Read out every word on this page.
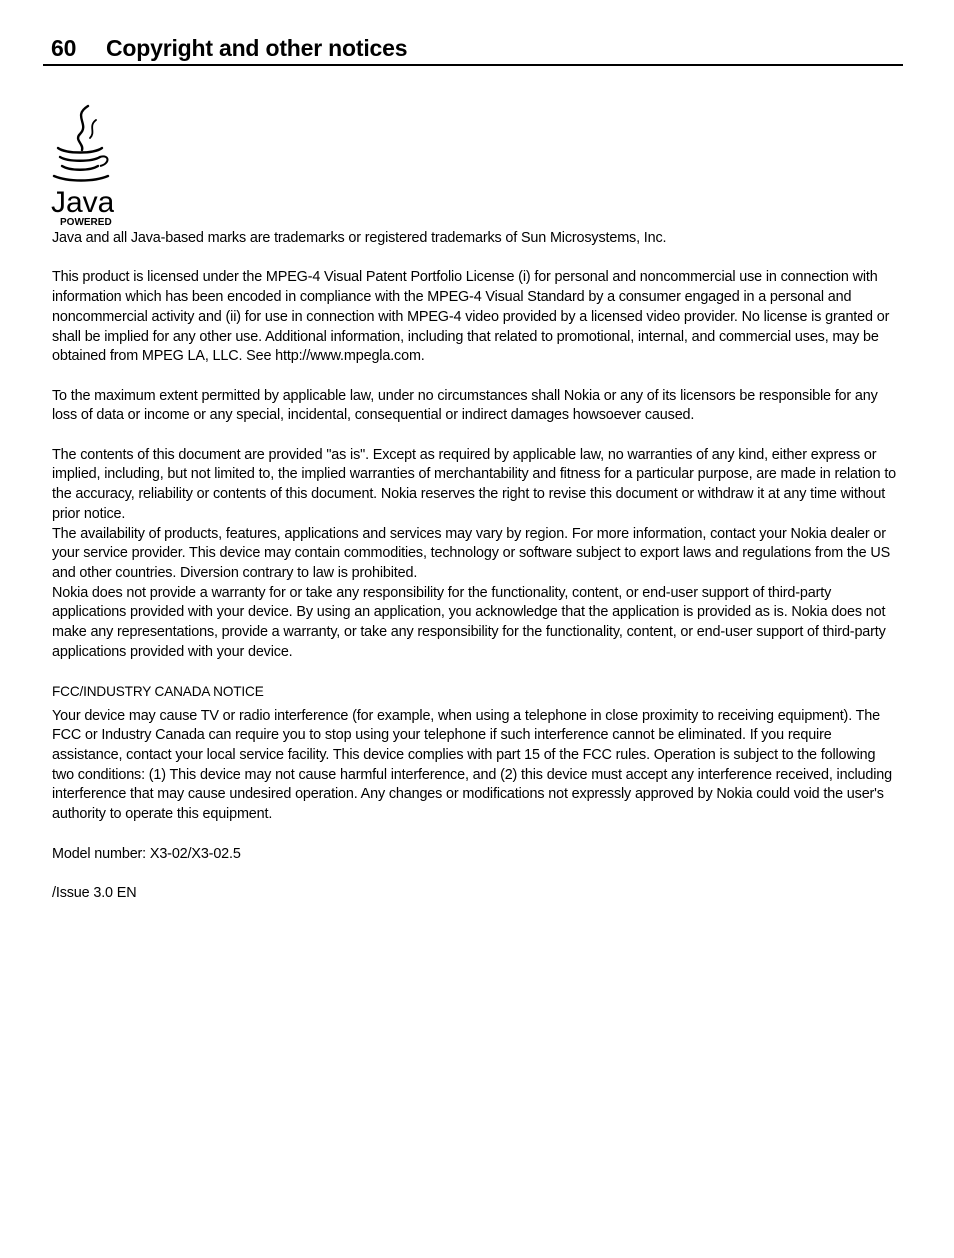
60 Copyright and other notices
Java
POWERED

Java and all Java-based marks are trademarks or registered trademarks of Sun Microsystems, Inc.

This product is licensed under the MPEG-4 Visual Patent Portfolio License (i) for personal and noncommercial use in connection with information which has been encoded in compliance with the MPEG-4 Visual Standard by a consumer engaged in a personal and noncommercial activity and (ii) for use in connection with MPEG-4 video provided by a licensed video provider. No license is granted or shall be implied for any other use. Additional information, including that related to promotional, internal, and commercial uses, may be obtained from MPEG LA, LLC. See http://www.mpegla.com.

To the maximum extent permitted by applicable law, under no circumstances shall Nokia or any of its licensors be responsible for any loss of data or income or any special, incidental, consequential or indirect damages howsoever caused.

The contents of this document are provided "as is". Except as required by applicable law, no warranties of any kind, either express or implied, including, but not limited to, the implied warranties of merchantability and fitness for a particular purpose, are made in relation to the accuracy, reliability or contents of this document. Nokia reserves the right to revise this document or withdraw it at any time without prior notice.

The availability of products, features, applications and services may vary by region. For more information, contact your Nokia dealer or your service provider. This device may contain commodities, technology or software subject to export laws and regulations from the US and other countries. Diversion contrary to law is prohibited.

Nokia does not provide a warranty for or take any responsibility for the functionality, content, or end-user support of third-party applications provided with your device. By using an application, you acknowledge that the application is provided as is. Nokia does not make any representations, provide a warranty, or take any responsibility for the functionality, content, or end-user support of third-party applications provided with your device.

FCC/INDUSTRY CANADA NOTICE

Your device may cause TV or radio interference (for example, when using a telephone in close proximity to receiving equipment). The FCC or Industry Canada can require you to stop using your telephone if such interference cannot be eliminated. If you require assistance, contact your local service facility. This device complies with part 15 of the FCC rules. Operation is subject to the following two conditions: (1) This device may not cause harmful interference, and (2) this device must accept any interference received, including interference that may cause undesired operation. Any changes or modifications not expressly approved by Nokia could void the user's authority to operate this equipment.

Model number: X3-02/X3-02.5

/Issue 3.0 EN
